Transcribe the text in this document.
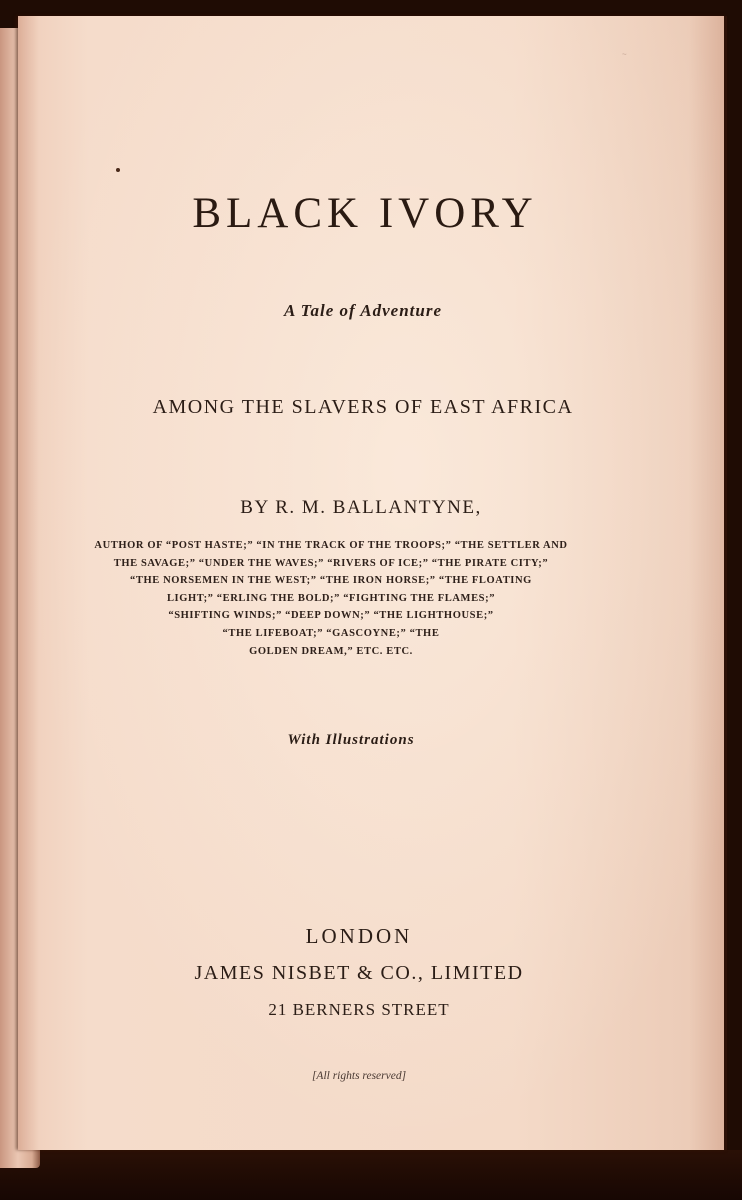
~
BLACK IVORY
A Tale of Adventure
AMONG THE SLAVERS OF EAST AFRICA
BY R. M. BALLANTYNE,
AUTHOR OF “POST HASTE;” “IN THE TRACK OF THE TROOPS;” “THE SETTLER AND
THE SAVAGE;” “UNDER THE WAVES;” “RIVERS OF ICE;” “THE PIRATE CITY;”
“THE NORSEMEN IN THE WEST;” “THE IRON HORSE;” “THE FLOATING
LIGHT;” “ERLING THE BOLD;” “FIGHTING THE FLAMES;”
“SHIFTING WINDS;” “DEEP DOWN;” “THE LIGHTHOUSE;”
“THE LIFEBOAT;” “GASCOYNE;” “THE
GOLDEN DREAM,” ETC. ETC.
With Illustrations
LONDON
JAMES NISBET & CO., LIMITED
21 BERNERS STREET
[All rights reserved]
